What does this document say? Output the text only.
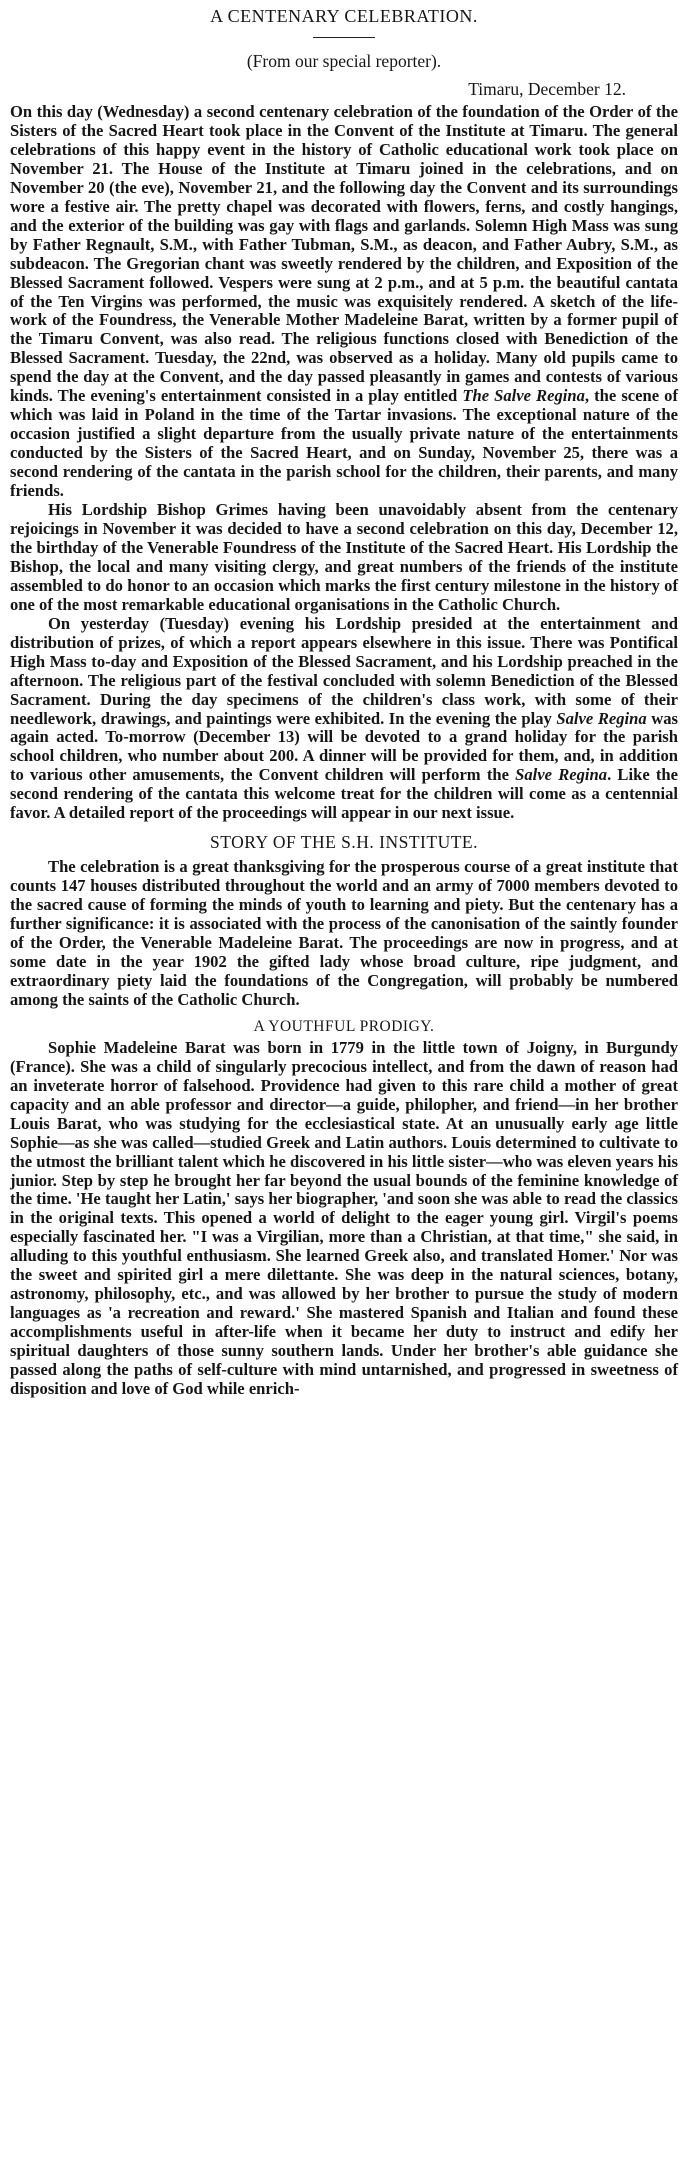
A CENTENARY CELEBRATION.
(From our special reporter).
Timaru, December 12.

On this day (Wednesday) a second centenary celebration of the foundation of the Order of the Sisters of the Sacred Heart took place in the Convent of the Institute at Timaru. The general celebrations of this happy event in the history of Catholic educational work took place on November 21. The House of the Institute at Timaru joined in the celebrations, and on November 20 (the eve), November 21, and the following day the Convent and its surroundings wore a festive air. The pretty chapel was decorated with flowers, ferns, and costly hangings, and the exterior of the building was gay with flags and garlands. Solemn High Mass was sung by Father Regnault, S.M., with Father Tubman, S.M., as deacon, and Father Aubry, S.M., as subdeacon. The Gregorian chant was sweetly rendered by the children, and Exposition of the Blessed Sacrament followed. Vespers were sung at 2 p.m., and at 5 p.m. the beautiful cantata of the Ten Virgins was performed, the music was exquisitely rendered. A sketch of the life-work of the Foundress, the Venerable Mother Madeleine Barat, written by a former pupil of the Timaru Convent, was also read. The religious functions closed with Benediction of the Blessed Sacrament. Tuesday, the 22nd, was observed as a holiday. Many old pupils came to spend the day at the Convent, and the day passed pleasantly in games and contests of various kinds. The evening's entertainment consisted in a play entitled The Salve Regina, the scene of which was laid in Poland in the time of the Tartar invasions. The exceptional nature of the occasion justified a slight departure from the usually private nature of the entertainments conducted by the Sisters of the Sacred Heart, and on Sunday, November 25, there was a second rendering of the cantata in the parish school for the children, their parents, and many friends.

His Lordship Bishop Grimes having been unavoidably absent from the centenary rejoicings in November it was decided to have a second celebration on this day, December 12, the birthday of the Venerable Foundress of the Institute of the Sacred Heart. His Lordship the Bishop, the local and many visiting clergy, and great numbers of the friends of the institute assembled to do honor to an occasion which marks the first century milestone in the history of one of the most remarkable educational organisations in the Catholic Church.

On yesterday (Tuesday) evening his Lordship presided at the entertainment and distribution of prizes, of which a report appears elsewhere in this issue. There was Pontifical High Mass to-day and Exposition of the Blessed Sacrament, and his Lordship preached in the afternoon. The religious part of the festival concluded with solemn Benediction of the Blessed Sacrament. During the day specimens of the children's class work, with some of their needlework, drawings, and paintings were exhibited. In the evening the play Salve Regina was again acted. To-morrow (December 13) will be devoted to a grand holiday for the parish school children, who number about 200. A dinner will be provided for them, and, in addition to various other amusements, the Convent children will perform the Salve Regina. Like the second rendering of the cantata this welcome treat for the children will come as a centennial favor. A detailed report of the proceedings will appear in our next issue.

STORY OF THE S.H. INSTITUTE.

The celebration is a great thanksgiving for the prosperous course of a great institute that counts 147 houses distributed throughout the world and an army of 7000 members devoted to the sacred cause of forming the minds of youth to learning and piety. But the centenary has a further significance: it is associated with the process of the canonisation of the saintly founder of the Order, the Venerable Madeleine Barat. The proceedings are now in progress, and at some date in the year 1902 the gifted lady whose broad culture, ripe judgment, and extraordinary piety laid the foundations of the Congregation, will probably be numbered among the saints of the Catholic Church.

A YOUTHFUL PRODIGY.

Sophie Madeleine Barat was born in 1779 in the little town of Joigny, in Burgundy (France). She was a child of singularly precocious intellect, and from the dawn of reason had an inveterate horror of falsehood. Providence had given to this rare child a mother of great capacity and an able professor and director—a guide, philopher, and friend—in her brother Louis Barat, who was studying for the ecclesiastical state. At an unusually early age little Sophie—as she was called—studied Greek and Latin authors. Louis determined to cultivate to the utmost the brilliant talent which he discovered in his little sister—who was eleven years his junior. Step by step he brought her far beyond the usual bounds of the feminine knowledge of the time. 'He taught her Latin,' says her biographer, 'and soon she was able to read the classics in the original texts. This opened a world of delight to the eager young girl. Virgil's poems especially fascinated her. "I was a Virgilian, more than a Christian, at that time," she said, in alluding to this youthful enthusiasm. She learned Greek also, and translated Homer.' Nor was the sweet and spirited girl a mere dilettante. She was deep in the natural sciences, botany, astronomy, philosophy, etc., and was allowed by her brother to pursue the study of modern languages as 'a recreation and reward.' She mastered Spanish and Italian and found these accomplishments useful in after-life when it became her duty to instruct and edify her spiritual daughters of those sunny southern lands. Under her brother's able guidance she passed along the paths of self-culture with mind untarnished, and progressed in sweetness of disposition and love of God while enrich-
